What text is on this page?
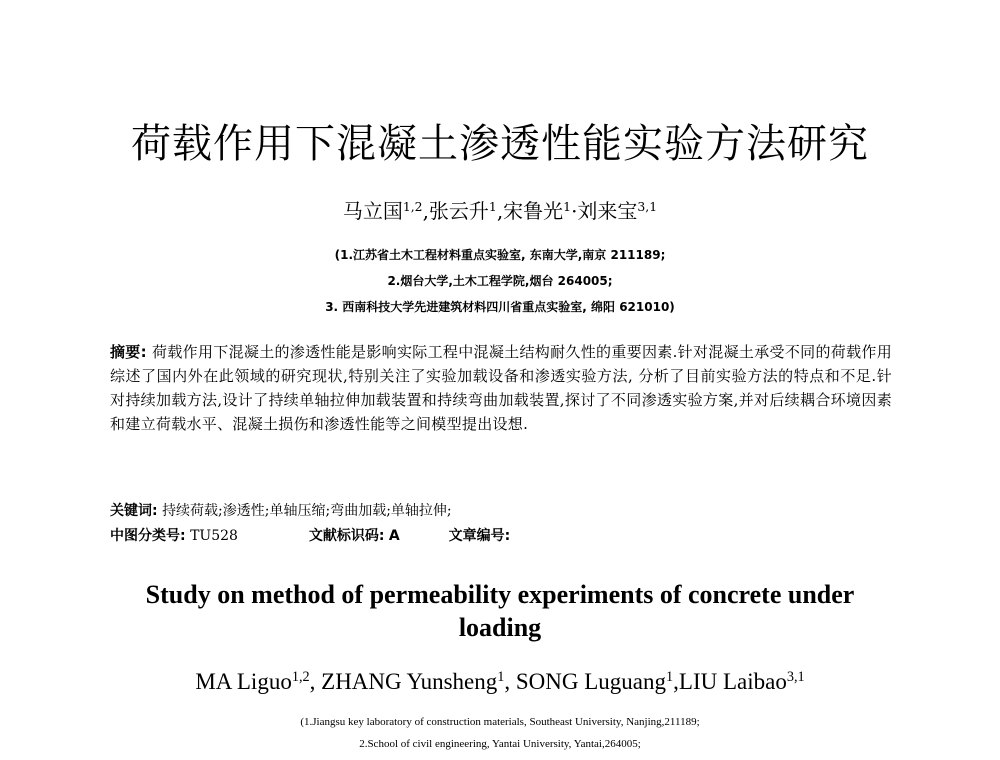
荷载作用下混凝土渗透性能实验方法研究
马立国$^{1,2}$,张云升$^1$,宋鲁光$^1$·刘来宝$^{3,1}$
(1.江苏省土木工程材料重点实验室, 东南大学,南京 211189;
2.烟台大学,土木工程学院,烟台 264005;
3. 西南科技大学先进建筑材料四川省重点实验室, 绵阳 621010)
摘要: 荷载作用下混凝土的渗透性能是影响实际工程中混凝土结构耐久性的重要因素.针对混凝土承受不同的荷载作用综述了国内外在此领域的研究现状,特别关注了实验加载设备和渗透实验方法, 分析了目前实验方法的特点和不足.针对持续加载方法,设计了持续单轴拉伸加载装置和持续弯曲加载装置,探讨了不同渗透实验方案,并对后续耦合环境因素和建立荷载水平、混凝土损伤和渗透性能等之间模型提出设想.
关键词: 持续荷载;渗透性;单轴压缩;弯曲加载;单轴拉伸;
中图分类号: TU528	文献标识码: A	文章编号:
Study on method of permeability experiments of concrete under loading
MA Liguo$^{1,2}$, ZHANG Yunsheng$^1$, SONG Luguang$^1$,LIU Laibao$^{3,1}$
(1.Jiangsu key laboratory of construction materials, Southeast University, Nanjing,211189;
2.School of civil engineering, Yantai University, Yantai,264005;
